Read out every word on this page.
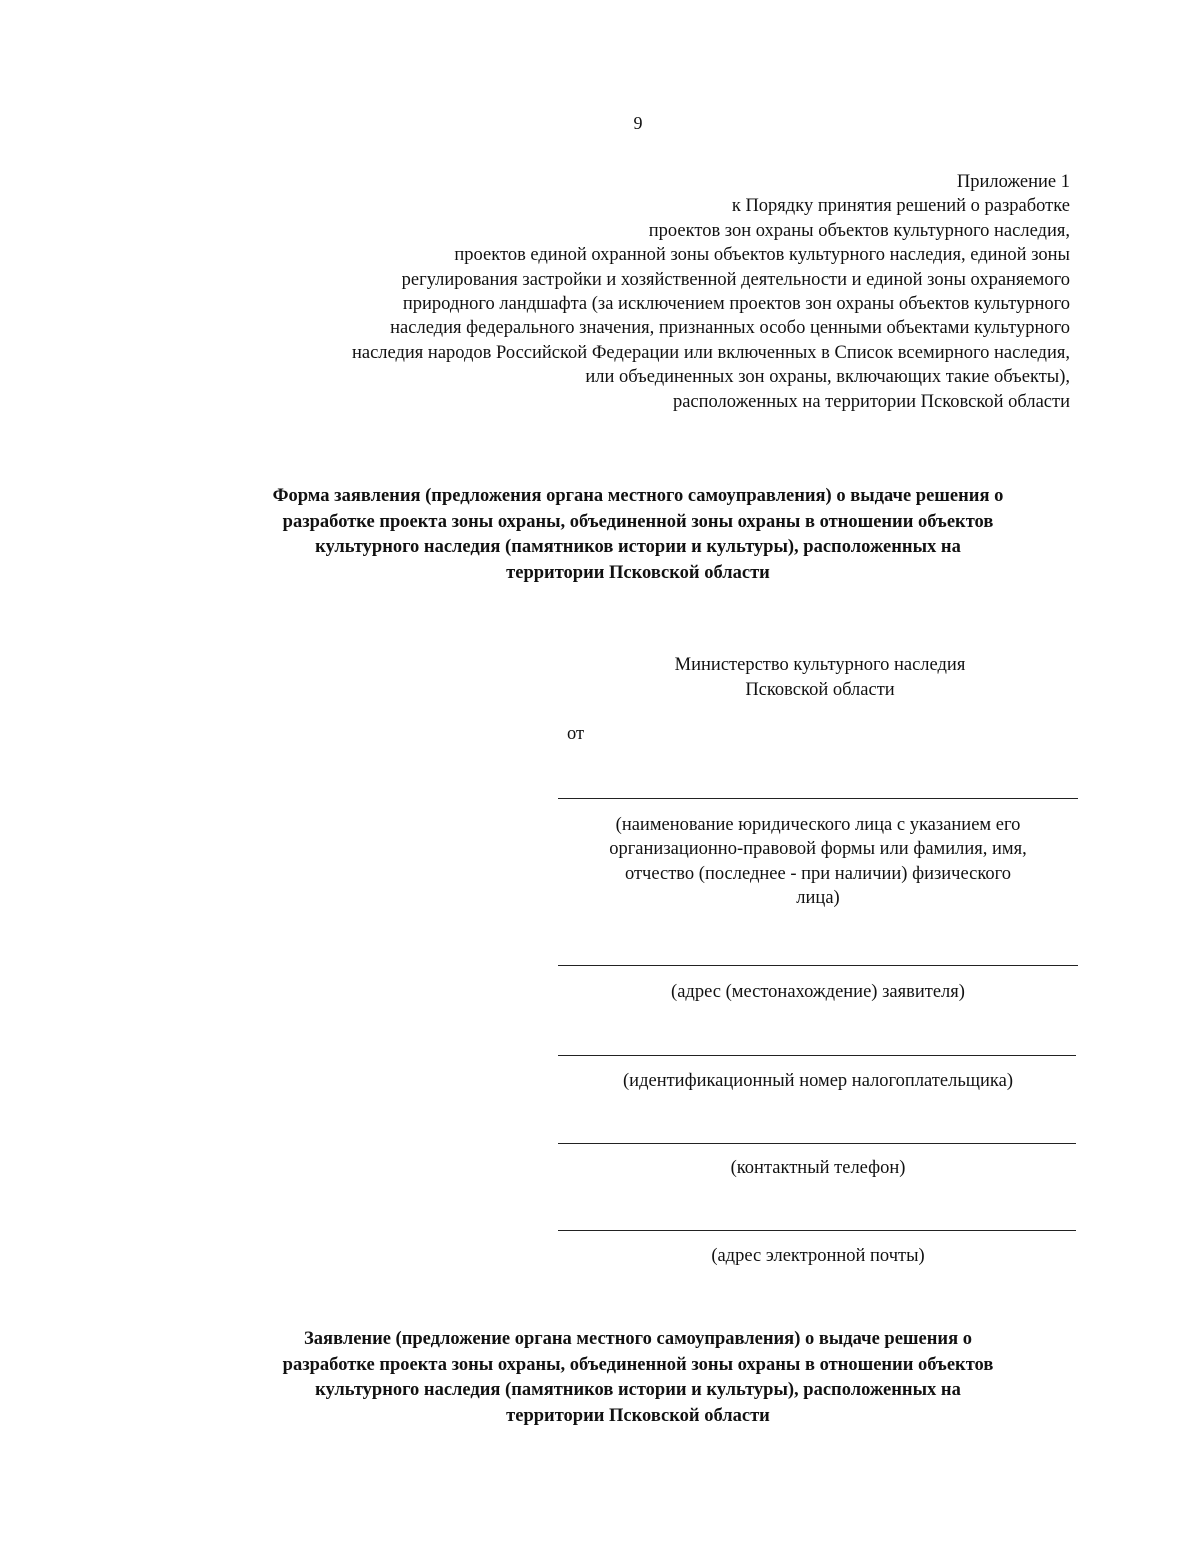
9
Приложение 1
к Порядку принятия решений о разработке
проектов зон охраны объектов культурного наследия,
проектов единой охранной зоны объектов культурного наследия, единой зоны
регулирования застройки и хозяйственной деятельности и единой зоны охраняемого
природного ландшафта (за исключением проектов зон охраны объектов культурного
наследия федерального значения, признанных особо ценными объектами культурного
наследия народов Российской Федерации или включенных в Список всемирного наследия,
или объединенных зон охраны, включающих такие объекты),
расположенных на территории Псковской области
Форма заявления (предложения органа местного самоуправления) о выдаче решения о
разработке проекта зоны охраны, объединенной зоны охраны в отношении объектов
культурного наследия (памятников истории и культуры), расположенных на
территории Псковской области
Министерство культурного наследия
Псковской области
от
(наименование юридического лица с указанием его
организационно-правовой формы или фамилия, имя,
отчество (последнее - при наличии) физического
лица)
(адрес (местонахождение) заявителя)
(идентификационный номер налогоплательщика)
(контактный телефон)
(адрес электронной почты)
Заявление (предложение органа местного самоуправления) о выдаче решения о
разработке проекта зоны охраны, объединенной зоны охраны в отношении объектов
культурного наследия (памятников истории и культуры), расположенных на
территории Псковской области
